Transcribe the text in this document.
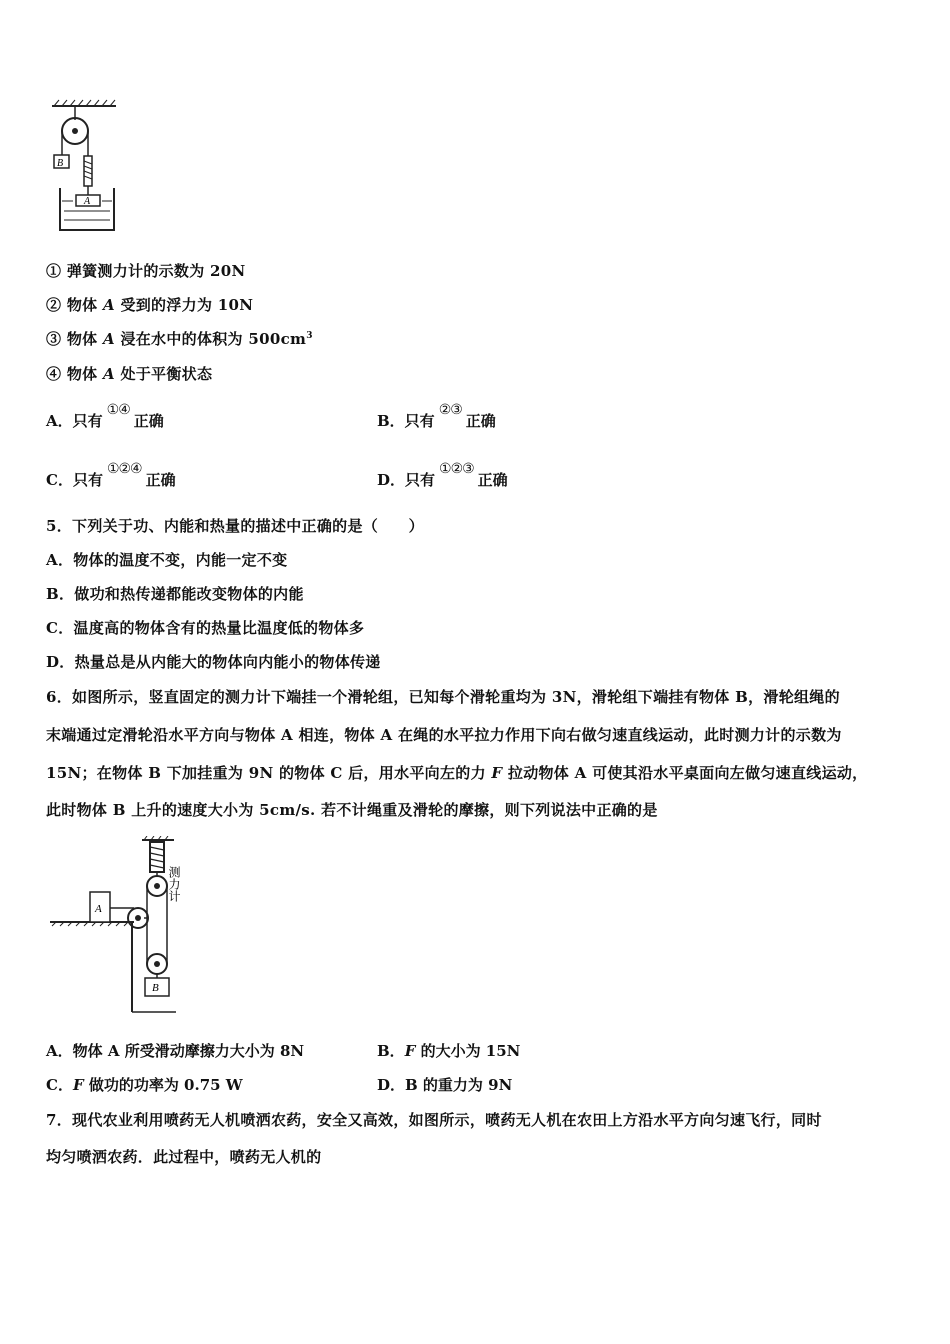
B
A
① 弹簧测力计的示数为 20N
② 物体 A 受到的浮力为 10N
③ 物体 A 浸在水中的体积为 $500cm^3$
④ 物体 A 处于平衡状态
A．只有①④正确	B．只有②③正确
C．只有①②④正确	D．只有①②③正确
5．下列关于功、内能和热量的描述中正确的是（　　）
A．物体的温度不变，内能一定不变
B．做功和热传递都能改变物体的内能
C．温度高的物体含有的热量比温度低的物体多
D．热量总是从内能大的物体向内能小的物体传递
6．如图所示，竖直固定的测力计下端挂一个滑轮组，已知每个滑轮重均为 3N，滑轮组下端挂有物体 B，滑轮组绳的
末端通过定滑轮沿水平方向与物体 A 相连，物体 A 在绳的水平拉力作用下向右做匀速直线运动，此时测力计的示数为
15N；在物体 B 下加挂重为 9N 的物体 C 后，用水平向左的力 F 拉动物体 A 可使其沿水平桌面向左做匀速直线运动，
此时物体 B 上升的速度大小为 5cm/s. 若不计绳重及滑轮的摩擦，则下列说法中正确的是
测力计
A
B
A．物体 A 所受滑动摩擦力大小为 8N	B．F 的大小为 15N
C．F 做功的功率为 0.75 W	D．B 的重力为 9N
7．现代农业利用喷药无人机喷洒农药，安全又高效，如图所示，喷药无人机在农田上方沿水平方向匀速飞行，同时
均匀喷洒农药．此过程中，喷药无人机的
